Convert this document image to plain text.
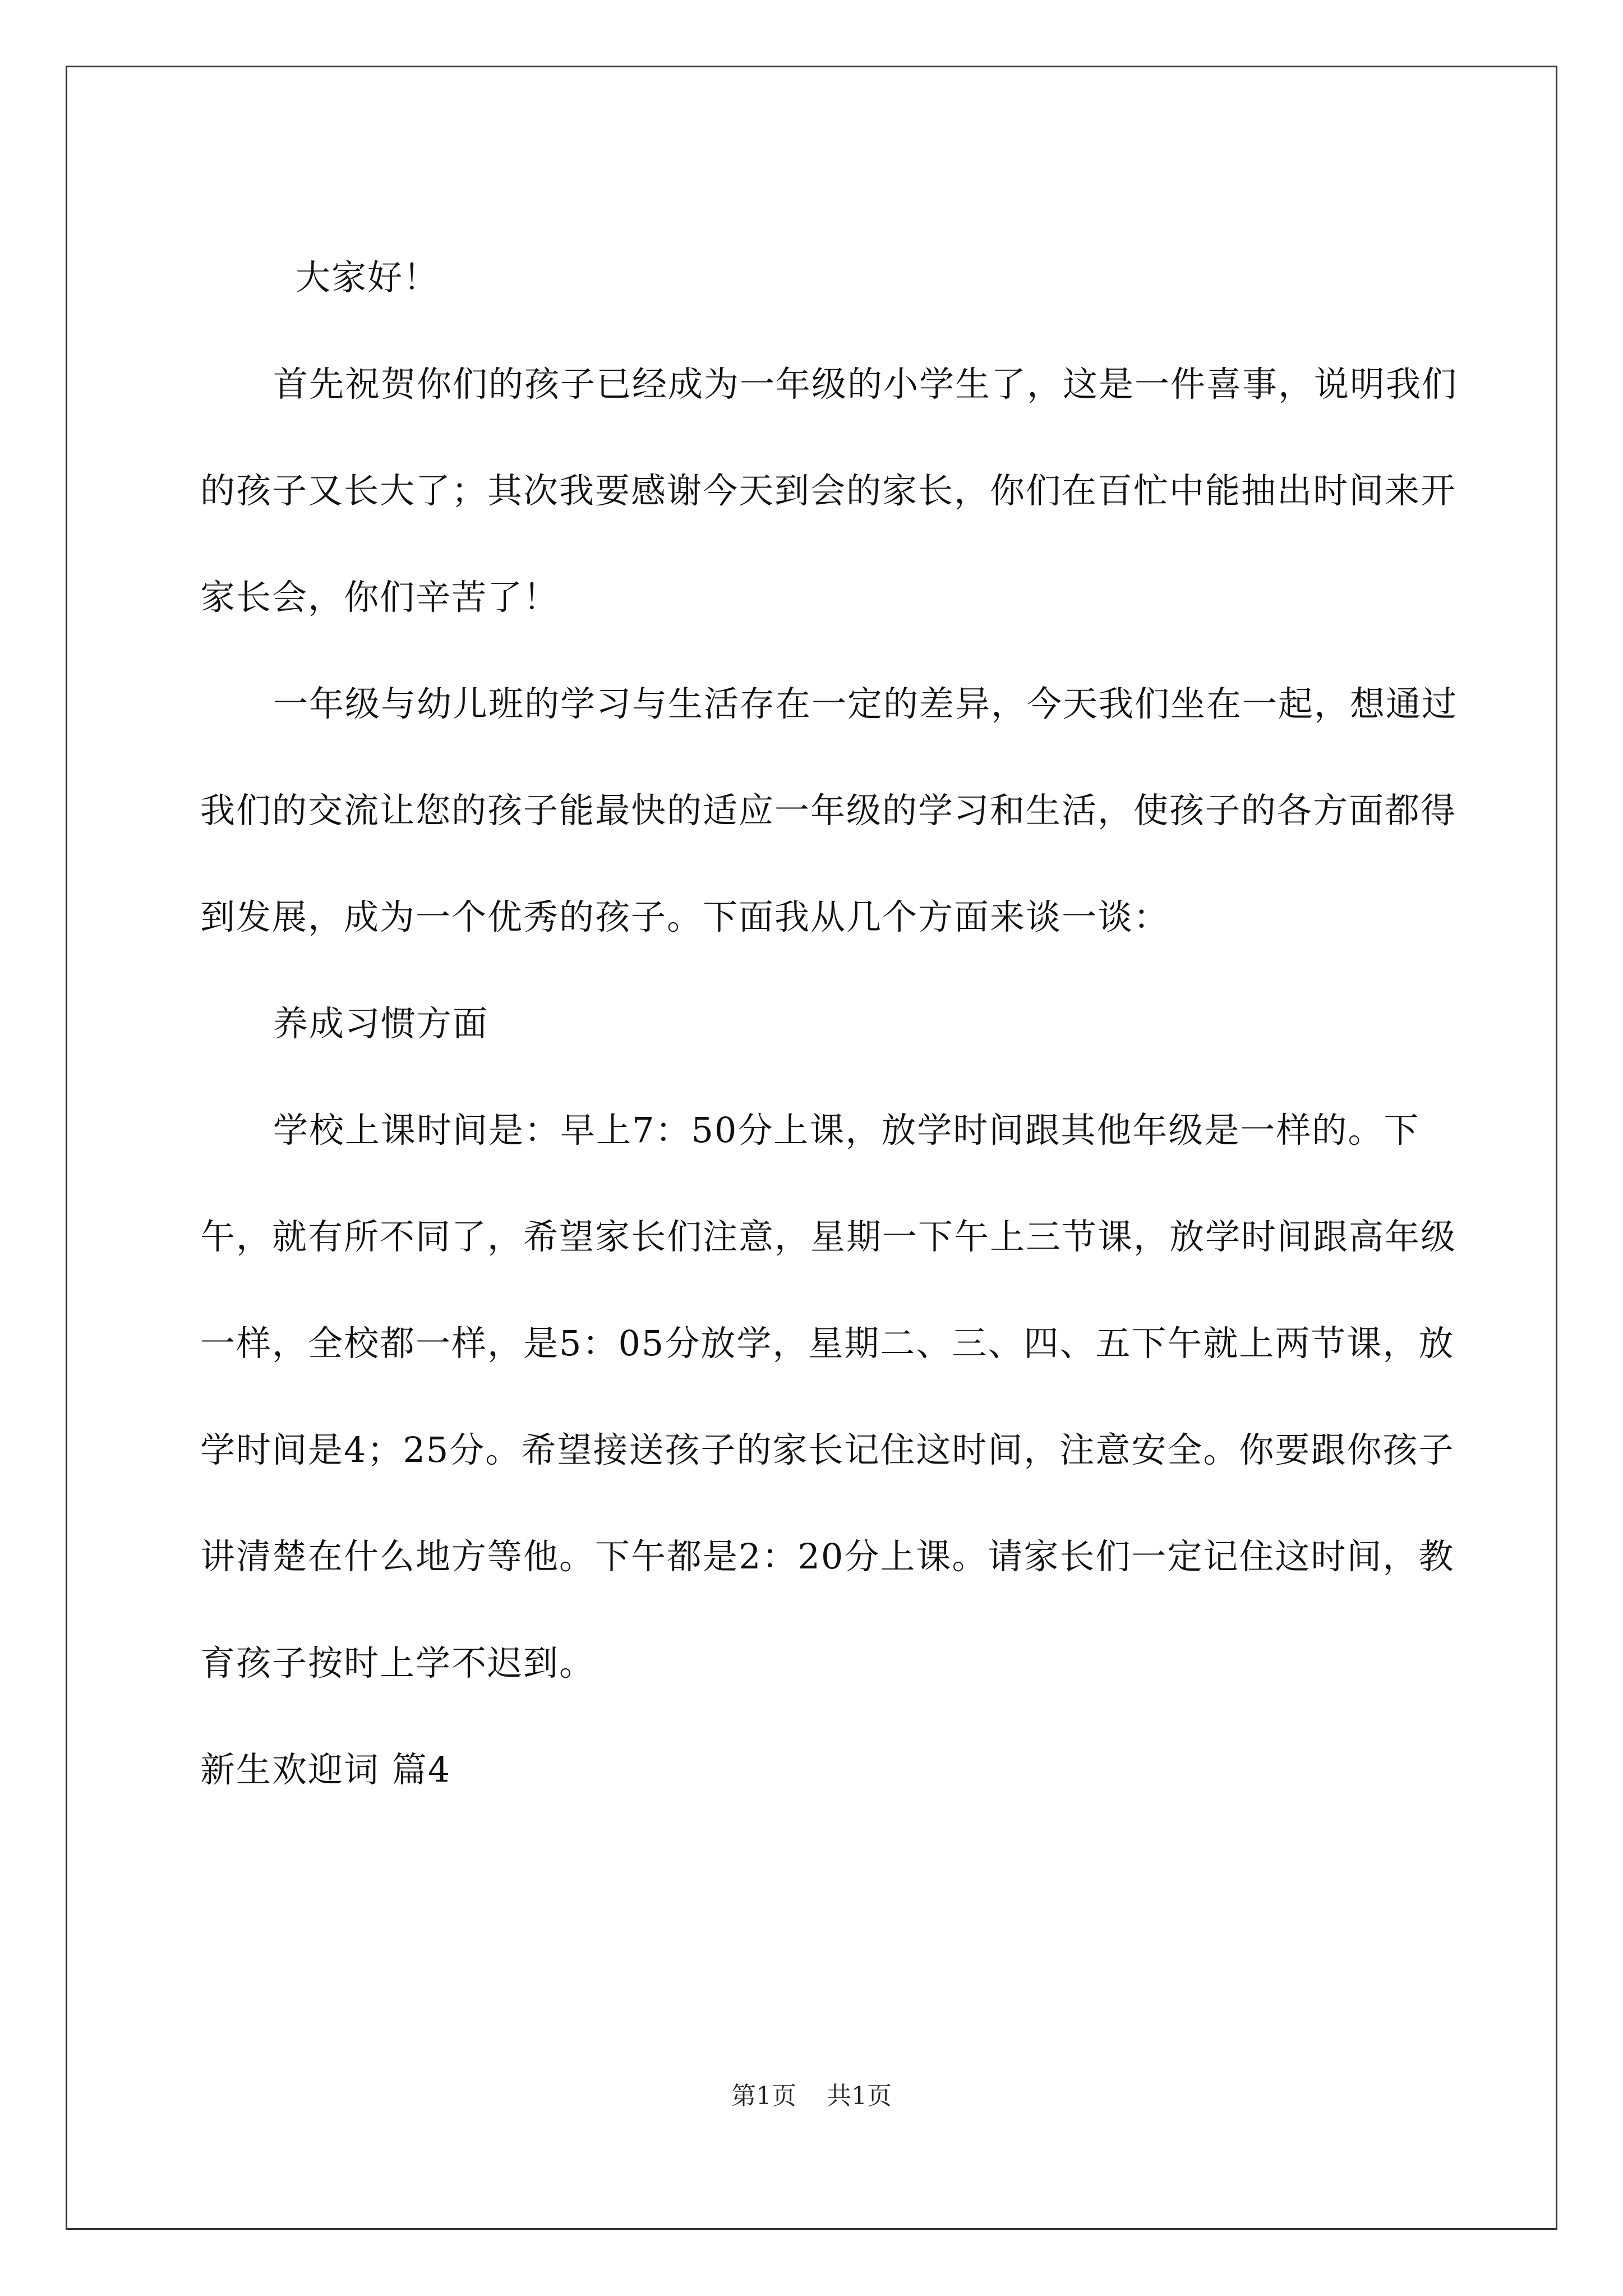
大家好！

首先祝贺你们的孩子已经成为一年级的小学生了，这是一件喜事，说明我们的孩子又长大了；其次我要感谢今天到会的家长，你们在百忙中能抽出时间来开家长会，你们辛苦了！

一年级与幼儿班的学习与生活存在一定的差异，今天我们坐在一起，想通过我们的交流让您的孩子能最快的适应一年级的学习和生活，使孩子的各方面都得到发展，成为一个优秀的孩子。下面我从几个方面来谈一谈：

养成习惯方面

学校上课时间是：早上7：50分上课，放学时间跟其他年级是一样的。下午，就有所不同了，希望家长们注意，星期一下午上三节课，放学时间跟高年级一样，全校都一样，是5：05分放学，星期二、三、四、五下午就上两节课，放学时间是4；25分。希望接送孩子的家长记住这时间，注意安全。你要跟你孩子讲清楚在什么地方等他。下午都是2：20分上课。请家长们一定记住这时间，教育孩子按时上学不迟到。

新生欢迎词 篇4

第1页 共1页
